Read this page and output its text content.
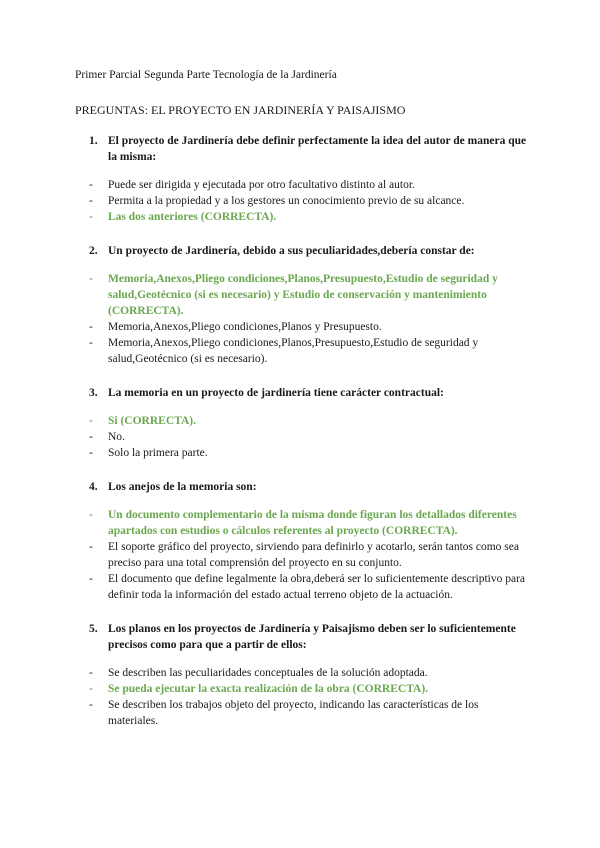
Primer Parcial Segunda Parte Tecnología de la Jardinería
PREGUNTAS: EL PROYECTO EN JARDINERÍA Y PAISAJISMO
1. El proyecto de Jardinería debe definir perfectamente la idea del autor de manera que la misma:
-	Puede ser dirigida y ejecutada por otro facultativo distinto al autor.
-	Permita a la propiedad y a los gestores un conocimiento previo de su alcance.
-	Las dos anteriores (CORRECTA).
2. Un proyecto de Jardinería, debido a sus peculiaridades,debería constar de:
-	Memoria,Anexos,Pliego condiciones,Planos,Presupuesto,Estudio de seguridad y salud,Geotécnico (si es necesario) y Estudio de conservación y mantenimiento (CORRECTA).
-	Memoria,Anexos,Pliego condiciones,Planos y Presupuesto.
-	Memoria,Anexos,Pliego condiciones,Planos,Presupuesto,Estudio de seguridad y salud,Geotécnico (si es necesario).
3. La memoria en un proyecto de jardinería tiene carácter contractual:
-	Si (CORRECTA).
-	No.
-	Solo la primera parte.
4. Los anejos de la memoria son:
-	Un documento complementario de la misma donde figuran los detallados diferentes apartados con estudios o cálculos referentes al proyecto (CORRECTA).
-	El soporte gráfico del proyecto, sirviendo para definirlo y acotarlo, serán tantos como sea preciso para una total comprensión del proyecto en su conjunto.
-	El documento que define legalmente la obra,deberá ser lo suficientemente descriptivo para definir toda la información del estado actual terreno objeto de la actuación.
5. Los planos en los proyectos de Jardinería y Paisajismo deben ser lo suficientemente precisos como para que a partir de ellos:
-	Se describen las peculiaridades conceptuales de la solución adoptada.
-	Se pueda ejecutar la exacta realización de la obra (CORRECTA).
-	Se describen los trabajos objeto del proyecto, indicando las características de los materiales.
